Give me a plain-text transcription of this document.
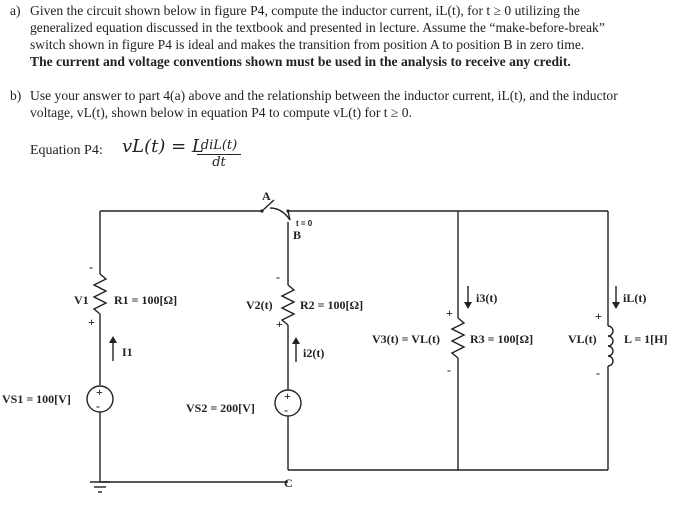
a) Given the circuit shown below in figure P4, compute the inductor current, iL(t), for t ≥ 0 utilizing the
generalized equation discussed in the textbook and presented in lecture. Assume the “make-before-break”
switch shown in figure P4 is ideal and makes the transition from position A to position B in zero time.
The current and voltage conventions shown must be used in the analysis to receive any credit.
b) Use your answer to part 4(a) above and the relationship between the inductor current, iL(t), and the inductor
voltage, vL(t), shown below in equation P4 to compute vL(t) for t ≥ 0.
Equation P4: vL(t) = L
diL(t)
dt
A
B
C
t = 0
V1 R1 = 100[Ω]
I1
V2(t) R2 = 100[Ω]
i2(t)
i3(t)
V3(t) = VL(t)	R3 = 100[Ω]
iL(t)
VL(t) L = 1[H]
VS1 = 100[V]
VS2 = 200[V]
-
+
-
+
+
-
+
-
+
-
+
-
